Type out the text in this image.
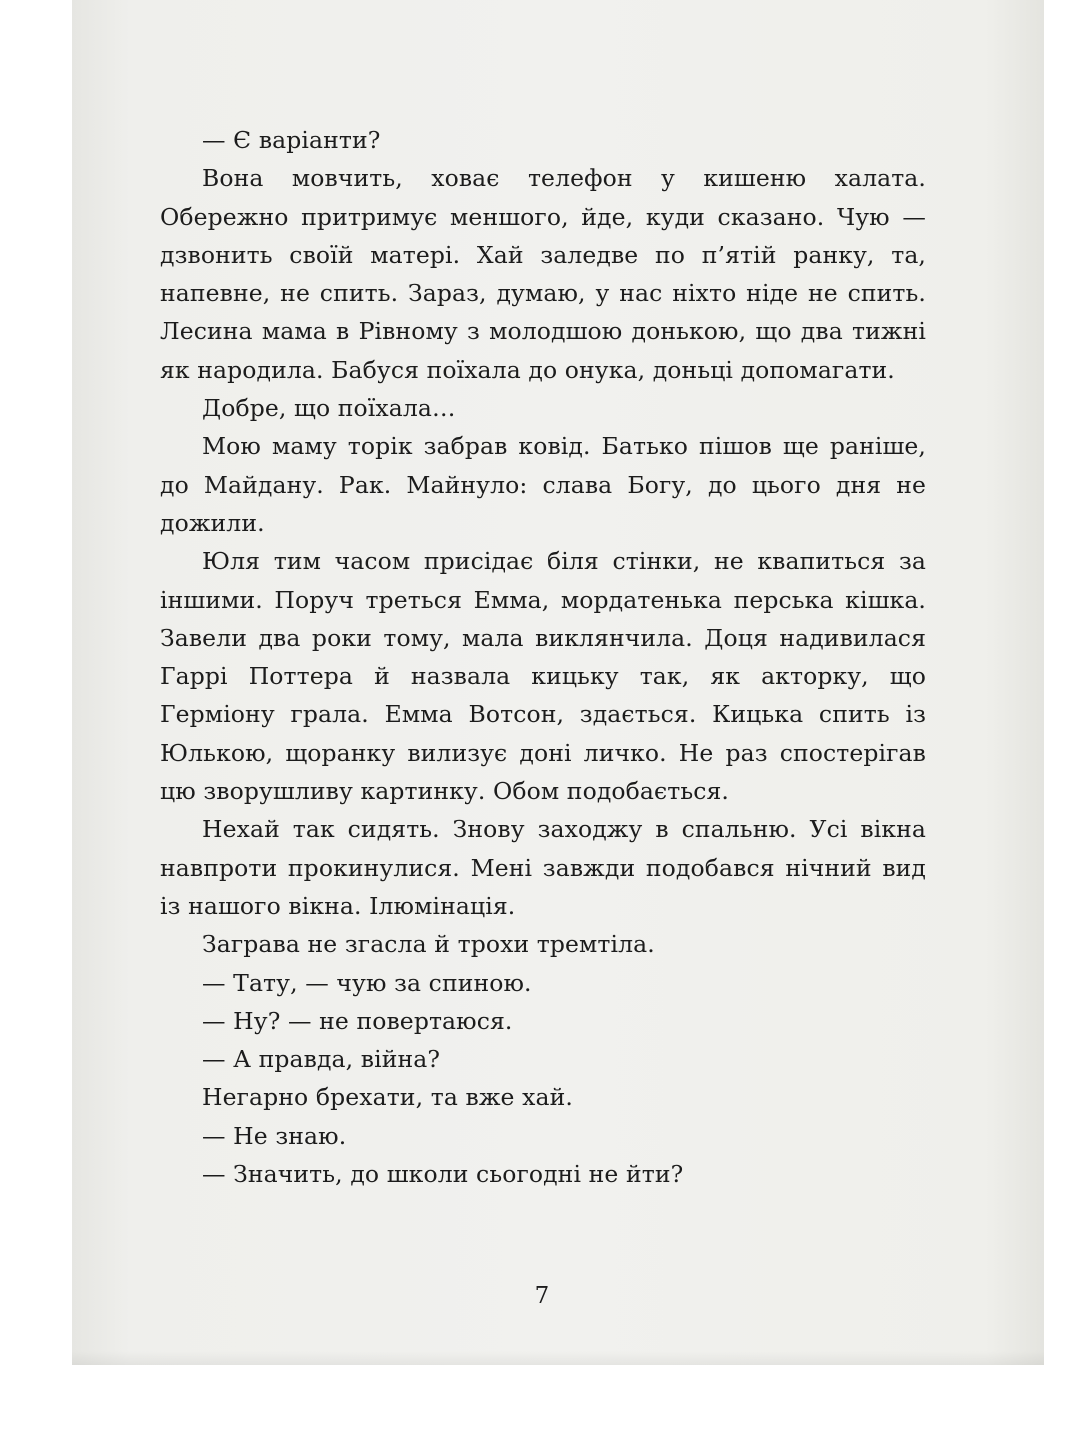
— Є варіанти?

Вона мовчить, ховає телефон у кишеню халата. Обережно притримує меншого, йде, куди сказано. Чую — дзвонить своїй матері. Хай заледве по п’ятій ранку, та, напевне, не спить. Зараз, думаю, у нас ніхто ніде не спить. Лесина мама в Рівному з молодшою донькою, що два тижні як народила. Бабуся поїхала до онука, доньці допомагати.

Добре, що поїхала…

Мою маму торік забрав ковід. Батько пішов ще раніше, до Майдану. Рак. Майнуло: слава Богу, до цього дня не дожили.

Юля тим часом присідає біля стінки, не квапиться за іншими. Поруч треться Емма, мордатенька перська кішка. Завели два роки тому, мала виклянчила. Доця надивилася Гаррі Поттера й назвала кицьку так, як акторку, що Герміону грала. Емма Вотсон, здається. Кицька спить із Юлькою, щоранку вилизує доні личко. Не раз спостерігав цю зворушливу картинку. Обом подобається.

Нехай так сидять. Знову заходжу в спальню. Усі вікна навпроти прокинулися. Мені завжди подобався нічний вид із нашого вікна. Ілюмінація.

Заграва не згасла й трохи тремтіла.

— Тату, — чую за спиною.

— Ну? — не повертаюся.

— А правда, війна?

Негарно брехати, та вже хай.

— Не знаю.

— Значить, до школи сьогодні не йти?

7
